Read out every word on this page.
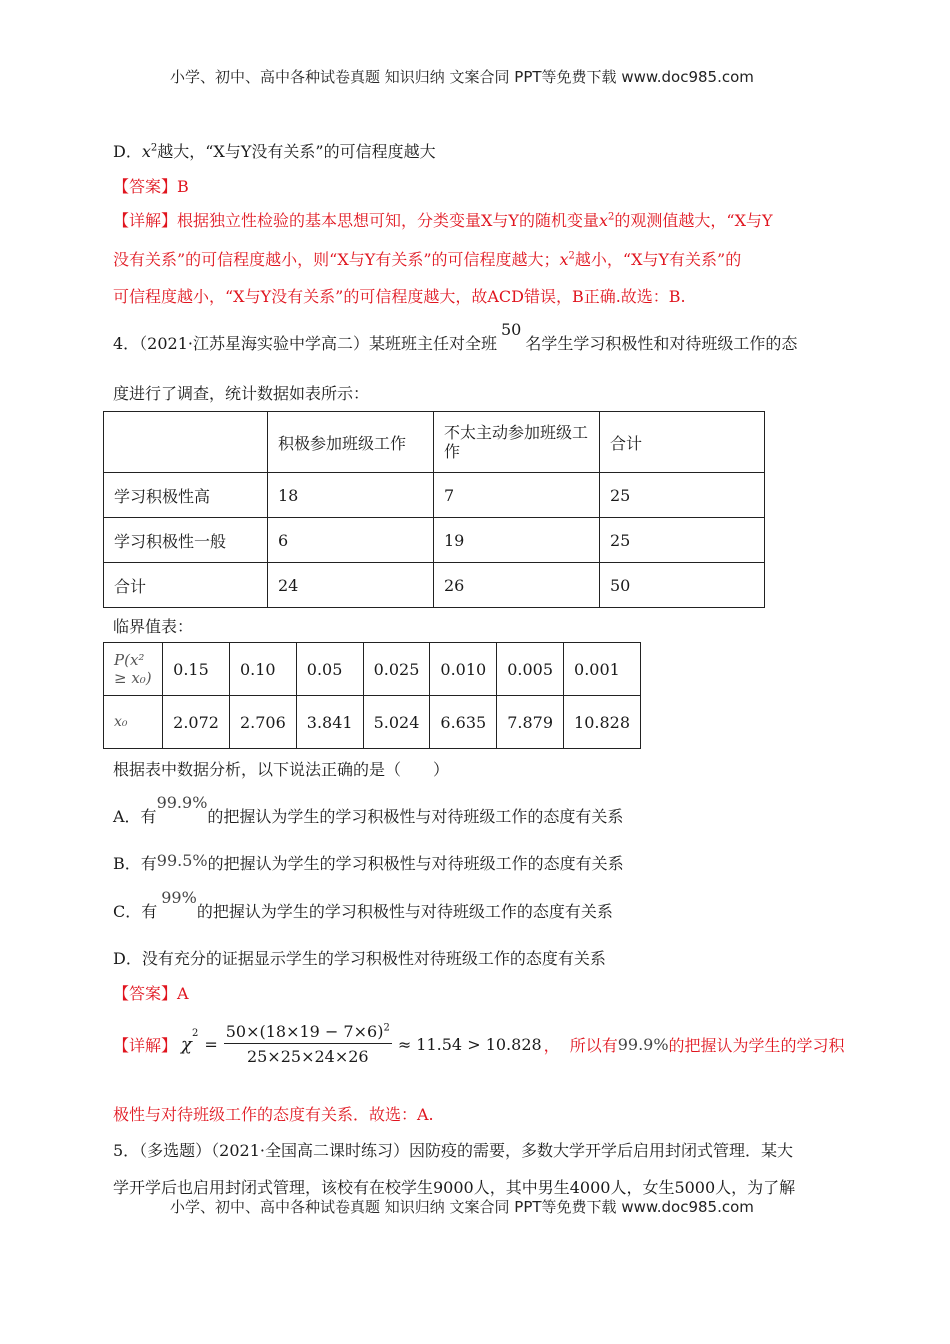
小学、初中、高中各种试卷真题 知识归纳 文案合同 PPT等免费下载 www.doc985.com
D．$x^2$越大，“X与Y没有关系”的可信程度越大
【答案】B
【详解】根据独立性检验的基本思想可知，分类变量X与Y的随机变量$x^2$的观测值越大，“X与Y
没有关系”的可信程度越小，则“X与Y有关系”的可信程度越大；$x^2$越小，“X与Y有关系”的
可信程度越小，“X与Y没有关系”的可信程度越大，故ACD错误，B正确.故选：B.
4．（2021·江苏星海实验中学高二）某班班主任对全班50名学生学习积极性和对待班级工作的态
度进行了调查，统计数据如表所示：
	积极参加班级工作	不太主动参加班级工作	合计
学习积极性高	18	7	25
学习积极性一般	6	19	25
合计	24	26	50
临界值表：
P(x² ≥ x₀)	0.15	0.10	0.05	0.025	0.010	0.005	0.001
x₀	2.072	2.706	3.841	5.024	6.635	7.879	10.828
根据表中数据分析，以下说法正确的是（　　）
A．有99.9%的把握认为学生的学习积极性与对待班级工作的态度有关系
B．有99.5%的把握认为学生的学习积极性与对待班级工作的态度有关系
C．有99%的把握认为学生的学习积极性与对待班级工作的态度有关系
D．没有充分的证据显示学生的学习积极性对待班级工作的态度有关系
【答案】A
【详解】 $\chi^2$
= $\frac{50\times(18\times 19 - 7\times 6)^2}{25\times 25\times 24\times 26} \approx 11.54 > 10.828$ ， 所以有 99.9% 的把握认为学生的学习积
极性与对待班级工作的态度有关系．故选：A.
5．（多选题）（2021·全国高二课时练习）因防疫的需要，多数大学开学后启用封闭式管理．某大
学开学后也启用封闭式管理，该校有在校学生9000人，其中男生4000人，女生5000人，为了解
小学、初中、高中各种试卷真题 知识归纳 文案合同 PPT等免费下载 www.doc985.com
